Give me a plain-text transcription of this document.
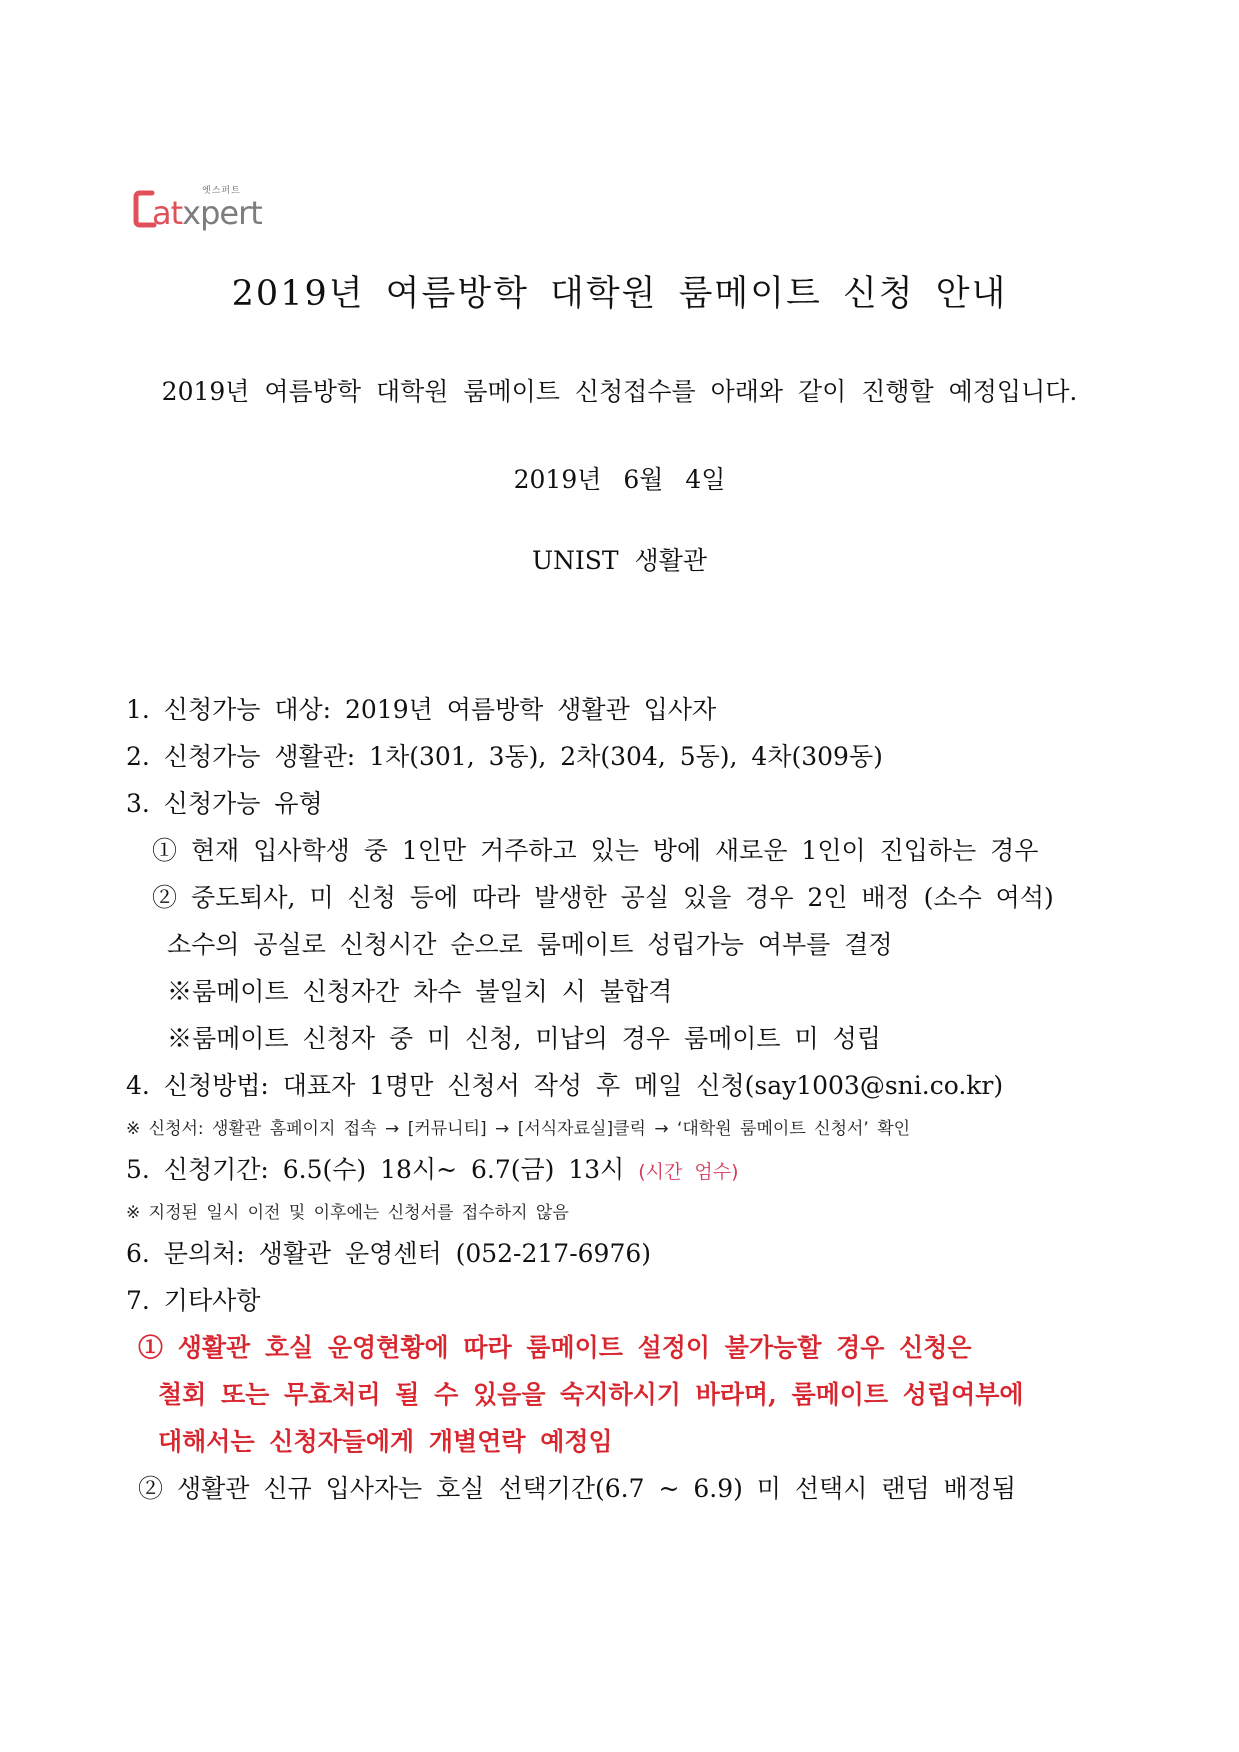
엣스퍼트
atxpert
2019년 여름방학 대학원 룸메이트 신청 안내
2019년 여름방학 대학원 룸메이트 신청접수를 아래와 같이 진행할 예정입니다.
2019년 6월 4일
UNIST 생활관
1. 신청가능 대상: 2019년 여름방학 생활관 입사자
2. 신청가능 생활관: 1차(301, 3동), 2차(304, 5동), 4차(309동)
3. 신청가능 유형
① 현재 입사학생 중 1인만 거주하고 있는 방에 새로운 1인이 진입하는 경우
② 중도퇴사, 미 신청 등에 따라 발생한 공실 있을 경우 2인 배정 (소수 여석)
소수의 공실로 신청시간 순으로 룸메이트 성립가능 여부를 결정
※룸메이트 신청자간 차수 불일치 시 불합격
※룸메이트 신청자 중 미 신청, 미납의 경우 룸메이트 미 성립
4. 신청방법: 대표자 1명만 신청서 작성 후 메일 신청(say1003@sni.co.kr)
※ 신청서: 생활관 홈페이지 접속 → [커뮤니티] → [서식자료실]클릭 → ‘대학원 룸메이트 신청서’ 확인
5. 신청기간: 6.5(수) 18시~ 6.7(금) 13시 (시간 엄수)
※ 지정된 일시 이전 및 이후에는 신청서를 접수하지 않음
6. 문의처: 생활관 운영센터 (052-217-6976)
7. 기타사항
① 생활관 호실 운영현황에 따라 룸메이트 설정이 불가능할 경우 신청은
철회 또는 무효처리 될 수 있음을 숙지하시기 바라며, 룸메이트 성립여부에
대해서는 신청자들에게 개별연락 예정임
② 생활관 신규 입사자는 호실 선택기간(6.7 ~ 6.9) 미 선택시 랜덤 배정됨
